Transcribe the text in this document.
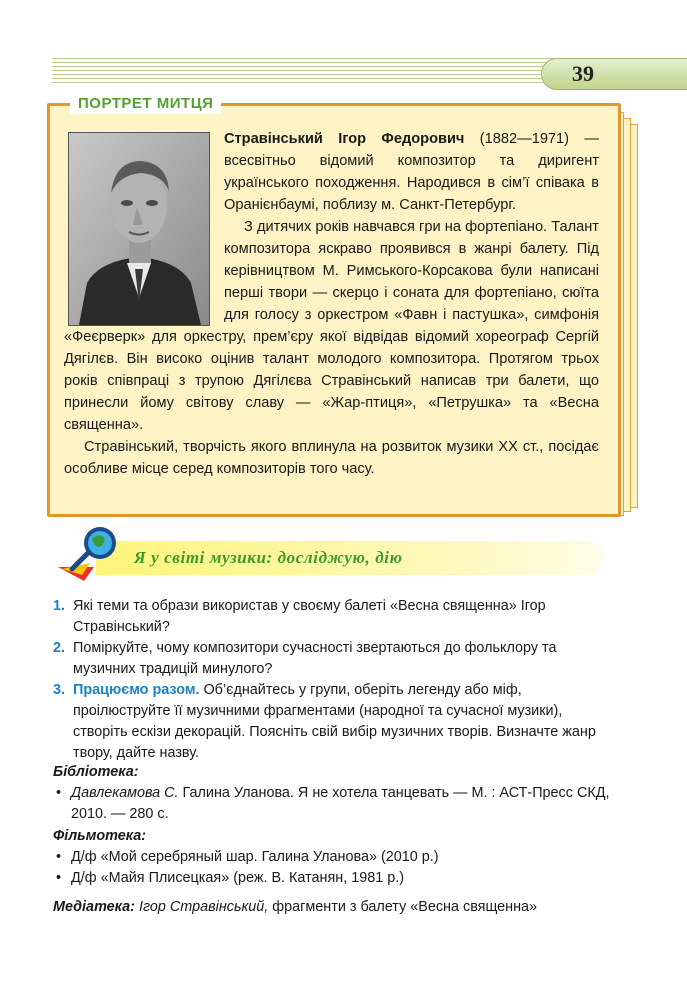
39
ПОРТРЕТ МИТЦЯ

Стравінський Ігор Федорович (1882—1971) — всесвітньо відомий композитор та диригент українського походження. Народився в сім’ї співака в Оранієнбаумі, поблизу м. Санкт-Петербург.

З дитячих років навчався гри на фортепіано. Талант композитора яскраво проявився в жанрі балету. Під керівництвом М. Римського-Корсакова були написані перші твори — скерцо і соната для фортепіано, сюїта для голосу з оркестром «Фавн і пастушка», симфонія «Феєрверк» для оркестру, прем’єру якої відвідав відомий хореограф Сергій Дягілєв. Він високо оцінив талант молодого композитора. Протягом трьох років співпраці з трупою Дягілєва Стравінський написав три балети, що принесли йому світову славу — «Жар-птиця», «Петрушка» та «Весна священна».

Стравінський, творчість якого вплинула на розвиток музики XX ст., посідає особливе місце серед композиторів того часу.

Я у світі музики: досліджую, дію

1. Які теми та образи використав у своєму балеті «Весна священна» Ігор Стравінський?

2. Поміркуйте, чому композитори сучасності звертаються до фольклору та музичних традицій минулого?

3. Працюємо разом. Об’єднайтесь у групи, оберіть легенду або міф, проілюструйте її музичними фрагментами (народної та сучасної музики), створіть ескізи декорацій. Поясніть свій вибір музичних творів. Визначте жанр твору, дайте назву.

Бібліотека:

• Давлекамова С. Галина Уланова. Я не хотела танцевать — М. : АСТ-Пресс СКД, 2010. — 280 с.

Фільмотека:

• Д/ф «Мой серебряный шар. Галина Уланова» (2010 р.)

• Д/ф «Майя Плисецкая» (реж. В. Катанян, 1981 р.)

Медіатека: Ігор Стравінський, фрагменти з балету «Весна священна»
